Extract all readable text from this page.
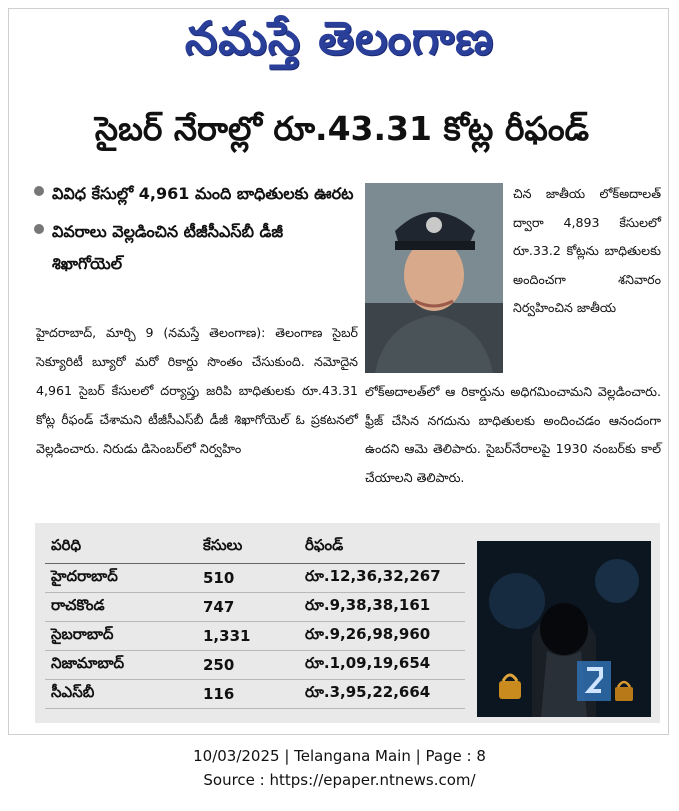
నమస్తే తెలంగాణ
సైబర్ నేరాల్లో రూ.43.31 కోట్ల రీఫండ్
వివిధ కేసుల్లో 4,961 మంది బాధితులకు ఊరట
వివరాలు వెల్లడించిన టీజీసీఎస్‌బీ డీజీ శిఖాగోయెల్
హైదరాబాద్, మార్చి 9 (నమస్తే తెలంగాణ): తెలంగాణ సైబర్ సెక్యూరిటీ బ్యూరో మరో రికార్డు సొంతం చేసుకుంది. నమోదైన 4,961 సైబర్ కేసులలో దర్యాప్తు జరిపి బాధితులకు రూ.43.31 కోట్ల రీఫండ్ చేశామని టీజీసీఎస్‌బీ డీజీ శిఖాగోయెల్ ఓ ప్రకటనలో వెల్లడించారు. నిరుడు డిసెంబర్‌లో నిర్వహిం
చిన జాతీయ లోక్అదాలత్ ద్వారా 4,893 కేసులలో రూ.33.2 కోట్లను బాధితులకు అందించగా శనివారం నిర్వహించిన జాతీయ
లోక్అదాలత్‌లో ఆ రికార్డును అధిగమించామని వెల్లడించారు. ఫ్రీజ్ చేసిన నగదును బాధితులకు అందించడం ఆనందంగా ఉందని ఆమె తెలిపారు. సైబర్‌నేరాలపై 1930 నంబర్‌కు కాల్ చేయాలని తెలిపారు.
పరిధి	కేసులు	రీఫండ్
హైదరాబాద్	510	రూ.12,36,32,267
రాచకొండ	747	రూ.9,38,38,161
సైబరాబాద్	1,331	రూ.9,26,98,960
నిజామాబాద్	250	రూ.1,09,19,654
సీఎస్‌బీ	116	రూ.3,95,22,664
10/03/2025 | Telangana Main | Page : 8
Source : https://epaper.ntnews.com/
